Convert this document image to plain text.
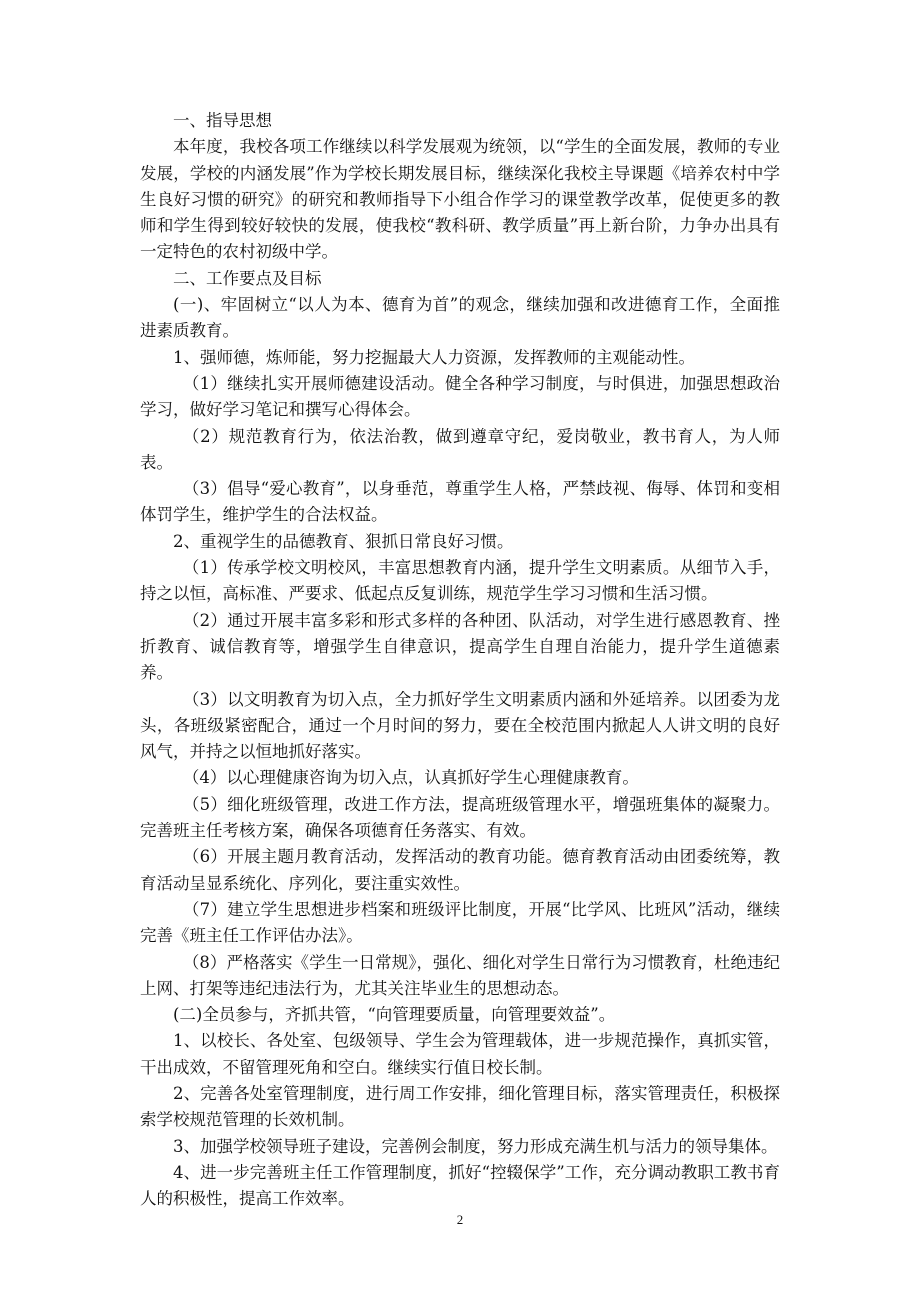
一、指导思想

本年度，我校各项工作继续以科学发展观为统领，以“学生的全面发展，教师的专业发展，学校的内涵发展”作为学校长期发展目标，继续深化我校主导课题《培养农村中学生良好习惯的研究》的研究和教师指导下小组合作学习的课堂教学改革，促使更多的教师和学生得到较好较快的发展，使我校“教科研、教学质量”再上新台阶，力争办出具有一定特色的农村初级中学。

二、工作要点及目标

(一)、牢固树立“以人为本、德育为首”的观念，继续加强和改进德育工作，全面推进素质教育。

1、强师德，炼师能，努力挖掘最大人力资源，发挥教师的主观能动性。

（1）继续扎实开展师德建设活动。健全各种学习制度，与时俱进，加强思想政治学习，做好学习笔记和撰写心得体会。

（2）规范教育行为，依法治教，做到遵章守纪，爱岗敬业，教书育人，为人师表。

（3）倡导“爱心教育”，以身垂范，尊重学生人格，严禁歧视、侮辱、体罚和变相体罚学生，维护学生的合法权益。

2、重视学生的品德教育、狠抓日常良好习惯。

（1）传承学校文明校风，丰富思想教育内涵，提升学生文明素质。从细节入手，持之以恒，高标准、严要求、低起点反复训练，规范学生学习习惯和生活习惯。

（2）通过开展丰富多彩和形式多样的各种团、队活动，对学生进行感恩教育、挫折教育、诚信教育等，增强学生自律意识，提高学生自理自治能力，提升学生道德素养。

（3）以文明教育为切入点，全力抓好学生文明素质内涵和外延培养。以团委为龙头，各班级紧密配合，通过一个月时间的努力，要在全校范围内掀起人人讲文明的良好风气，并持之以恒地抓好落实。

（4）以心理健康咨询为切入点，认真抓好学生心理健康教育。

（5）细化班级管理，改进工作方法，提高班级管理水平，增强班集体的凝聚力。完善班主任考核方案，确保各项德育任务落实、有效。

（6）开展主题月教育活动，发挥活动的教育功能。德育教育活动由团委统筹，教育活动呈显系统化、序列化，要注重实效性。

（7）建立学生思想进步档案和班级评比制度，开展“比学风、比班风”活动，继续完善《班主任工作评估办法》。

（8）严格落实《学生一日常规》，强化、细化对学生日常行为习惯教育，杜绝违纪上网、打架等违纪违法行为，尤其关注毕业生的思想动态。

(二)全员参与，齐抓共管，“向管理要质量，向管理要效益”。

1、以校长、各处室、包级领导、学生会为管理载体，进一步规范操作，真抓实管，干出成效，不留管理死角和空白。继续实行值日校长制。

2、完善各处室管理制度，进行周工作安排，细化管理目标，落实管理责任，积极探索学校规范管理的长效机制。

3、加强学校领导班子建设，完善例会制度，努力形成充满生机与活力的领导集体。

4、进一步完善班主任工作管理制度，抓好“控辍保学”工作，充分调动教职工教书育人的积极性，提高工作效率。

2
